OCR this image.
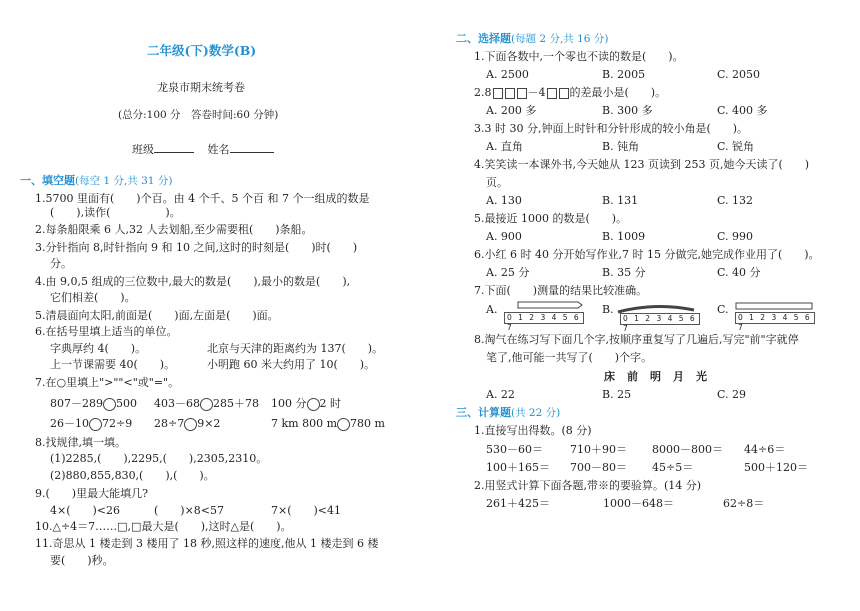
二年级(下)数学(B)
龙泉市期末统考卷
(总分:100 分　答卷时间:60 分钟)
班级	姓名
一、填空题(每空 1 分,共 31 分)
1.5700 里面有(　　)个百。由 4 个千、5 个百 和 7 个一组成的数是
(　　),读作(　　　　　)。
2.每条船限乘 6 人,32 人去划船,至少需要租(　　)条船。
3.分针指向 8,时针指向 9 和 10 之间,这时的时刻是(　　)时(　　)
分。
4.由 9,0,5 组成的三位数中,最大的数是(　　),最小的数是(　　),
它们相差(　　)。
5.清晨面向太阳,前面是(　　)面,左面是(　　)面。
6.在括号里填上适当的单位。
字典厚约 4(　　)。	北京与天津的距离约为 137(　　)。
上一节课需要 40(　　)。	小明跑 60 米大约用了 10(　　)。
7.在○里填上">""<"或"="。
807－289 500 403－68 285＋78 100 分 2 时
26－10 72÷9 28÷7 9×2	7 km 800 m 780 m
8.找规律,填一填。
(1)2285,(　　),2295,(　　),2305,2310。
(2)880,855,830,(　　),(　　)。
9.(　　)里最大能填几?
4×(　　)<26	(　　)×8<57	7×(　　)<41
10.△÷4＝7……□,□最大是(　　),这时△是(　　)。
11.奇思从 1 楼走到 3 楼用了 18 秒,照这样的速度,他从 1 楼走到 6 楼
要(　　)秒。
二、选择题(每题 2 分,共 16 分)
1.下面各数中,一个零也不读的数是(　　)。
A. 2500	B. 2005	C. 2050
2.8	－4 的差最小是(　　)。
A. 200 多	B. 300 多	C. 400 多
3.3 时 30 分,钟面上时针和分针形成的较小角是(　　)。
A. 直角	B. 钝角	C. 锐角
4.笑笑读一本课外书,今天她从 123 页读到 253 页,她今天读了(　　)
页。
A. 130	B. 131	C. 132
5.最接近 1000 的数是(　　)。
A. 900	B. 1009	C. 990
6.小红 6 时 40 分开始写作业,7 时 15 分做完,她完成作业用了(　　)。
A. 25 分	B. 35 分	C. 40 分
7.下面(　　)测量的结果比较准确。
A.
0 1 2 3 4 5 6 7
B.
0 1 2 3 4 5 6 7
C.
0 1 2 3 4 5 6 7
8.淘气在练习写下面几个字,按顺序重复写了几遍后,写完"前"字就停
笔了,他可能一共写了(　　)个字。
床 前 明 月 光
A. 22	B. 25	C. 29
三、计算题(共 22 分)
1.直接写出得数。(8 分)
530－60＝ 710＋90＝ 8000－800＝ 44÷6＝
100＋165＝ 700－80＝ 45÷5＝	500＋120＝
2.用竖式计算下面各题,带※的要验算。(14 分)
261＋425＝	1000－648＝	62÷8＝
